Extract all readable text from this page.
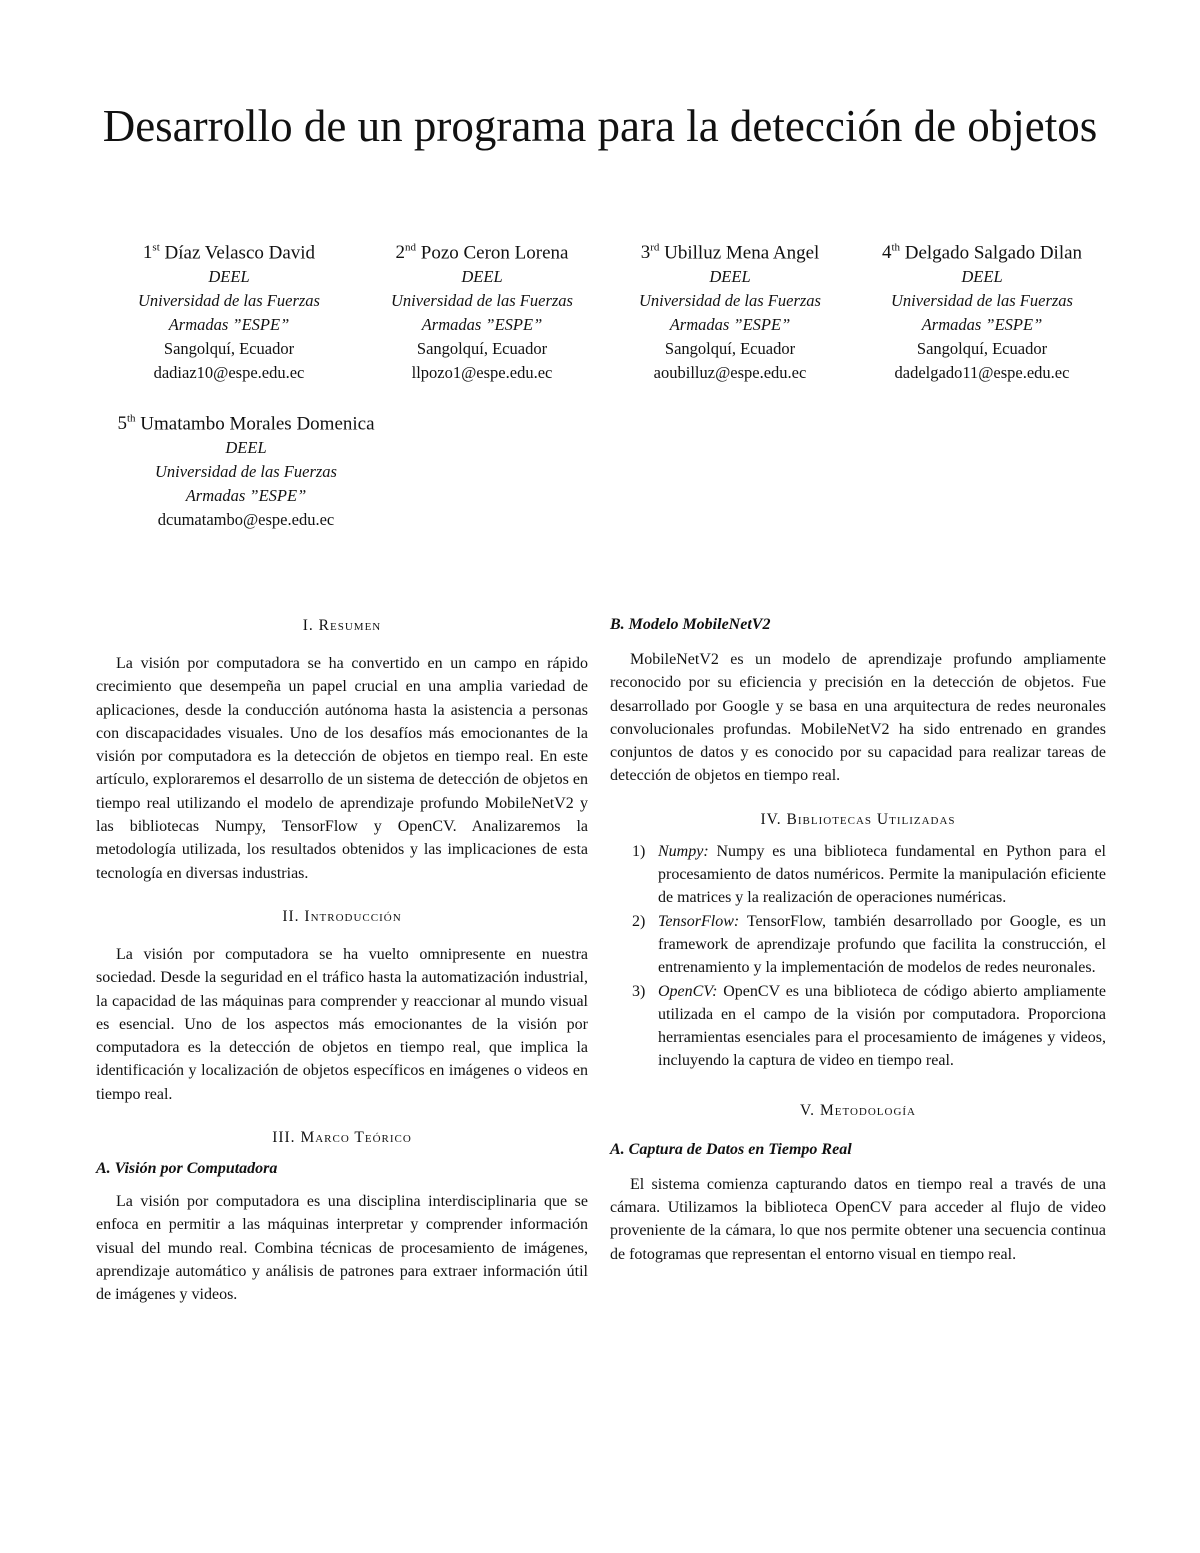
Desarrollo de un programa para la detección de objetos
1st Díaz Velasco David
DEEL
Universidad de las Fuerzas
Armadas ”ESPE”
Sangolquí, Ecuador
dadiaz10@espe.edu.ec
2nd Pozo Ceron Lorena
DEEL
Universidad de las Fuerzas
Armadas ”ESPE”
Sangolquí, Ecuador
llpozo1@espe.edu.ec
3rd Ubilluz Mena Angel
DEEL
Universidad de las Fuerzas
Armadas ”ESPE”
Sangolquí, Ecuador
aoubilluz@espe.edu.ec
4th Delgado Salgado Dilan
DEEL
Universidad de las Fuerzas
Armadas ”ESPE”
Sangolquí, Ecuador
dadelgado11@espe.edu.ec
5th Umatambo Morales Domenica
DEEL
Universidad de las Fuerzas
Armadas ”ESPE”
dcumatambo@espe.edu.ec
I. Resumen

La visión por computadora se ha convertido en un campo en rápido crecimiento que desempeña un papel crucial en una amplia variedad de aplicaciones, desde la conducción autónoma hasta la asistencia a personas con discapacidades visuales. Uno de los desafíos más emocionantes de la visión por computadora es la detección de objetos en tiempo real. En este artículo, exploraremos el desarrollo de un sistema de detección de objetos en tiempo real utilizando el modelo de aprendizaje profundo MobileNetV2 y las bibliotecas Numpy, TensorFlow y OpenCV. Analizaremos la metodología utilizada, los resultados obtenidos y las implicaciones de esta tecnología en diversas industrias.

II. Introducción

La visión por computadora se ha vuelto omnipresente en nuestra sociedad. Desde la seguridad en el tráfico hasta la automatización industrial, la capacidad de las máquinas para comprender y reaccionar al mundo visual es esencial. Uno de los aspectos más emocionantes de la visión por computadora es la detección de objetos en tiempo real, que implica la identificación y localización de objetos específicos en imágenes o videos en tiempo real.

III. Marco Teórico
A. Visión por Computadora

La visión por computadora es una disciplina interdisciplinaria que se enfoca en permitir a las máquinas interpretar y comprender información visual del mundo real. Combina técnicas de procesamiento de imágenes, aprendizaje automático y análisis de patrones para extraer información útil de imágenes y videos.

B. Modelo MobileNetV2

MobileNetV2 es un modelo de aprendizaje profundo ampliamente reconocido por su eficiencia y precisión en la detección de objetos. Fue desarrollado por Google y se basa en una arquitectura de redes neuronales convolucionales profundas. MobileNetV2 ha sido entrenado en grandes conjuntos de datos y es conocido por su capacidad para realizar tareas de detección de objetos en tiempo real.

IV. Bibliotecas Utilizadas
1) Numpy: Numpy es una biblioteca fundamental en Python para el procesamiento de datos numéricos. Permite la manipulación eficiente de matrices y la realización de operaciones numéricas.
2) TensorFlow: TensorFlow, también desarrollado por Google, es un framework de aprendizaje profundo que facilita la construcción, el entrenamiento y la implementación de modelos de redes neuronales.
3) OpenCV: OpenCV es una biblioteca de código abierto ampliamente utilizada en el campo de la visión por computadora. Proporciona herramientas esenciales para el procesamiento de imágenes y videos, incluyendo la captura de video en tiempo real.
V. Metodología
A. Captura de Datos en Tiempo Real

El sistema comienza capturando datos en tiempo real a través de una cámara. Utilizamos la biblioteca OpenCV para acceder al flujo de video proveniente de la cámara, lo que nos permite obtener una secuencia continua de fotogramas que representan el entorno visual en tiempo real.
